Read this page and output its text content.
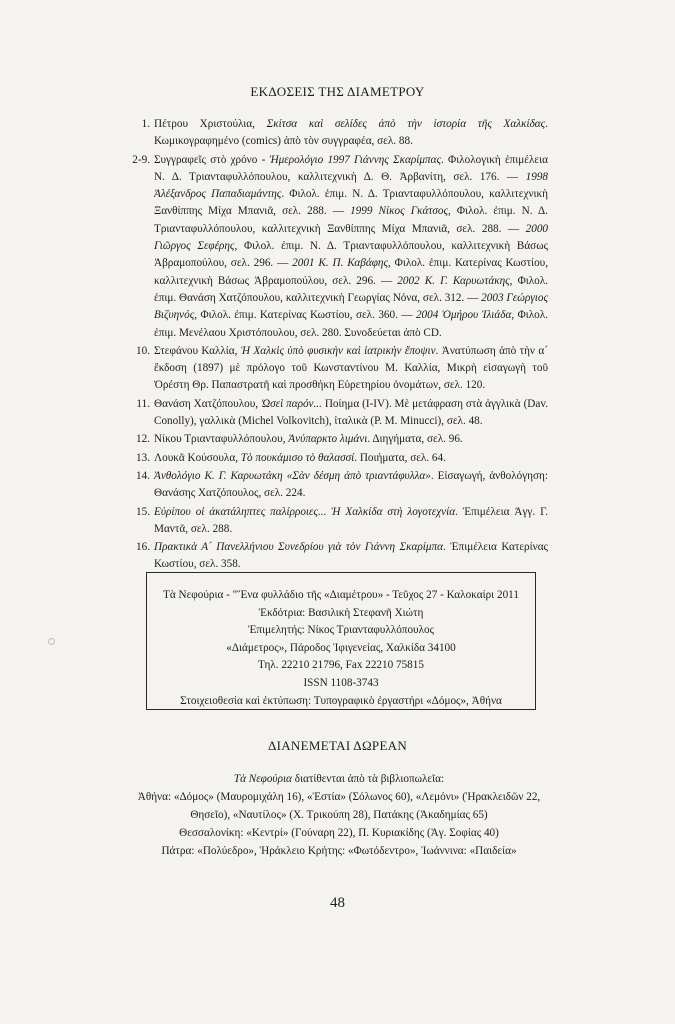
ΕΚΔΟΣΕΙΣ ΤΗΣ ΔΙΑΜΕΤΡΟΥ
1. Πέτρου Χριστούλια, Σκίτσα καὶ σελίδες ἀπὸ τὴν ἱστορία τῆς Χαλκίδας. Κωμικογραφημένο (comics) ἀπὸ τὸν συγγραφέα, σελ. 88.
2-9. Συγγραφεῖς στὸ χρόνο - Ἡμερολόγιο 1997 Γιάννης Σκαρίμπας. Φιλολογικὴ ἐπιμέλεια Ν. Δ. Τριανταφυλλόπουλου, καλλιτεχνικὴ Δ. Θ. Ἀρβανίτη, σελ. 176. — 1998 Ἀλέξανδρος Παπαδιαμάντης. Φιλολ. ἐπιμ. Ν. Δ. Τριανταφυλλόπουλου, καλλιτεχνικὴ Ξανθίππης Μίχα Μπανιᾶ, σελ. 288. — 1999 Νίκος Γκάτσος, Φιλολ. ἐπιμ. Ν. Δ. Τριανταφυλλόπουλου, καλλιτεχνικὴ Ξανθίππης Μίχα Μπανιᾶ, σελ. 288. — 2000 Γιῶργος Σεφέρης, Φιλολ. ἐπιμ. Ν. Δ. Τριανταφυλλόπουλου, καλλιτεχνικὴ Βάσως Ἀβραμοπούλου, σελ. 296. — 2001 Κ. Π. Καβάφης, Φιλολ. ἐπιμ. Κατερίνας Κωστίου, καλλιτεχνικὴ Βάσως Ἀβραμοπούλου, σελ. 296. — 2002 Κ. Γ. Καρυωτάκης, Φιλολ. ἐπιμ. Θανάση Χατζόπουλου, καλλιτεχνικὴ Γεωργίας Νόνα, σελ. 312. — 2003 Γεώργιος Βιζυηνός, Φιλολ. ἐπιμ. Κατερίνας Κωστίου, σελ. 360. — 2004 Ὁμήρου Ἰλιάδα, Φιλολ. ἐπιμ. Μενέλαου Χριστόπουλου, σελ. 280. Συνοδεύεται ἀπὸ CD.
10. Στεφάνου Καλλία, Ἡ Χαλκὶς ὑπὸ φυσικὴν καὶ ἰατρικὴν ἔποψιν. Ἀνατύπωση ἀπὸ τὴν α´ ἔκδοση (1897) μὲ πρόλογο τοῦ Κωνσταντίνου Μ. Καλλία, Μικρὴ εἰσαγωγὴ τοῦ Ὀρέστη Θρ. Παπαστρατῆ καὶ προσθήκη Εὑρετηρίου ὀνομάτων, σελ. 120.
11. Θανάση Χατζόπουλου, Ὡσεὶ παρόν... Ποίημα (I-IV). Μὲ μετάφραση στὰ ἀγγλικὰ (Dav. Conolly), γαλλικὰ (Michel Volkovitch), ἰταλικὰ (P. M. Minucci), σελ. 48.
12. Νίκου Τριανταφυλλόπουλου, Ἀνύπαρκτο λιμάνι. Διηγήματα, σελ. 96.
13. Λουκᾶ Κούσουλα, Τὸ πουκάμισο τὸ θαλασσί. Ποιήματα, σελ. 64.
14. Ἀνθολόγιο Κ. Γ. Καρυωτάκη «Σὰν δέσμη ἀπὸ τριαντάφυλλα». Εἰσαγωγή, ἀνθολόγηση: Θανάσης Χατζόπουλος, σελ. 224.
15. Εὐρίπου οἱ ἀκατάληπτες παλίρροιες... Ἡ Χαλκίδα στὴ λογοτεχνία. Ἐπιμέλεια Ἀγγ. Γ. Μαντᾶ, σελ. 288.
16. Πρακτικὰ Α´ Πανελλήνιου Συνεδρίου γιὰ τὸν Γιάννη Σκαρίμπα. Ἐπιμέλεια Κατερίνας Κωστίου, σελ. 358.
Τὰ Νεφούρια - "Ἕνα φυλλάδιο τῆς «Διαμέτρου» - Τεῦχος 27 - Καλοκαίρι 2011
Ἐκδότρια: Βασιλικὴ Στεφανῆ Χιώτη
Ἐπιμελητής: Νίκος Τριανταφυλλόπουλος
«Διάμετρος», Πάροδος Ἰφιγενείας, Χαλκίδα 34100
Τηλ. 22210 21796, Fax 22210 75815
ISSN 1108-3743
Στοιχειοθεσία καὶ ἐκτύπωση: Τυπογραφικὸ ἐργαστήρι «Δόμος», Ἀθήνα
ΔΙΑΝΕΜΕΤΑΙ ΔΩΡΕΑΝ
Τὰ Νεφούρια διατίθενται ἀπὸ τὰ βιβλιοπωλεῖα:
Ἀθήνα: «Δόμος» (Μαυρομιχάλη 16), «Ἑστία» (Σόλωνος 60), «Λεμόνι» (Ἡρακλειδῶν 22, Θησεῖο), «Ναυτίλος» (Χ. Τρικούπη 28), Πατάκης (Ἀκαδημίας 65)
Θεσσαλονίκη: «Κεντρί» (Γούναρη 22), Π. Κυριακίδης (Ἁγ. Σοφίας 40)
Πάτρα: «Πολύεδρο», Ἡράκλειο Κρήτης: «Φωτόδεντρο», Ἰωάννινα: «Παιδεία»
48
